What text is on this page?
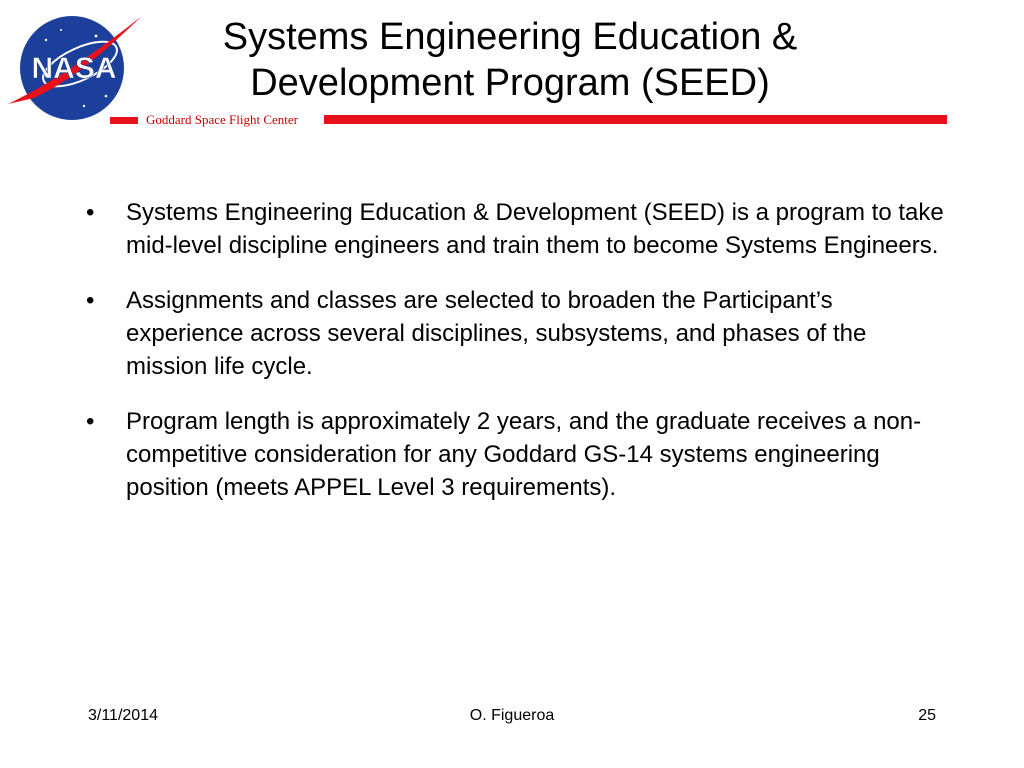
NASA
Systems Engineering Education &
Development Program (SEED)
Goddard Space Flight Center
•	Systems Engineering Education & Development (SEED) is a program to take mid-level discipline engineers and train them to become Systems Engineers.
•	Assignments and classes are selected to broaden the Participant’s experience across several disciplines, subsystems, and phases of the mission life cycle.
•	Program length is approximately 2 years, and the graduate receives a non-competitive consideration for any Goddard GS-14 systems engineering position (meets APPEL Level 3 requirements).
3/11/2014	O. Figueroa	25
